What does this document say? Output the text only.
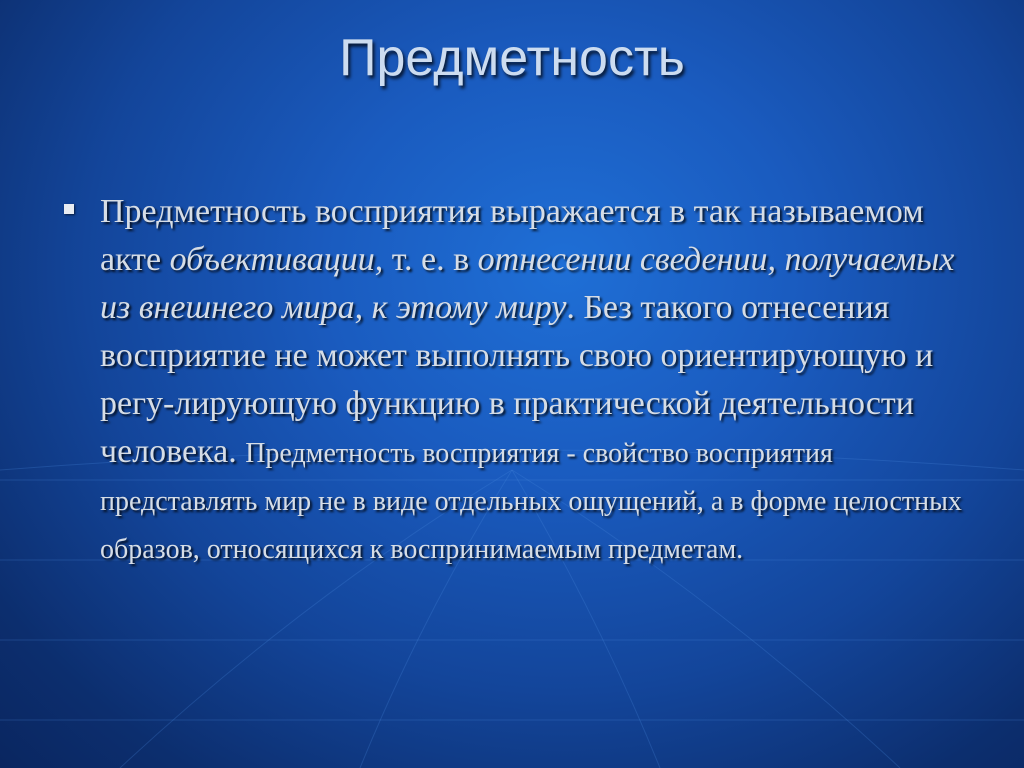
Предметность
Предметность восприятия выражается в так называемом акте объективации, т. е. в отнесении сведении, получаемых из внешнего мира, к этому миру. Без такого отнесения восприятие не может выполнять свою ориентирующую и регу-лирующую функцию в практической деятельности человека. Предметность восприятия - свойство восприятия представлять мир не в виде отдельных ощущений, а в форме целостных образов, относящихся к воспринимаемым предметам.
